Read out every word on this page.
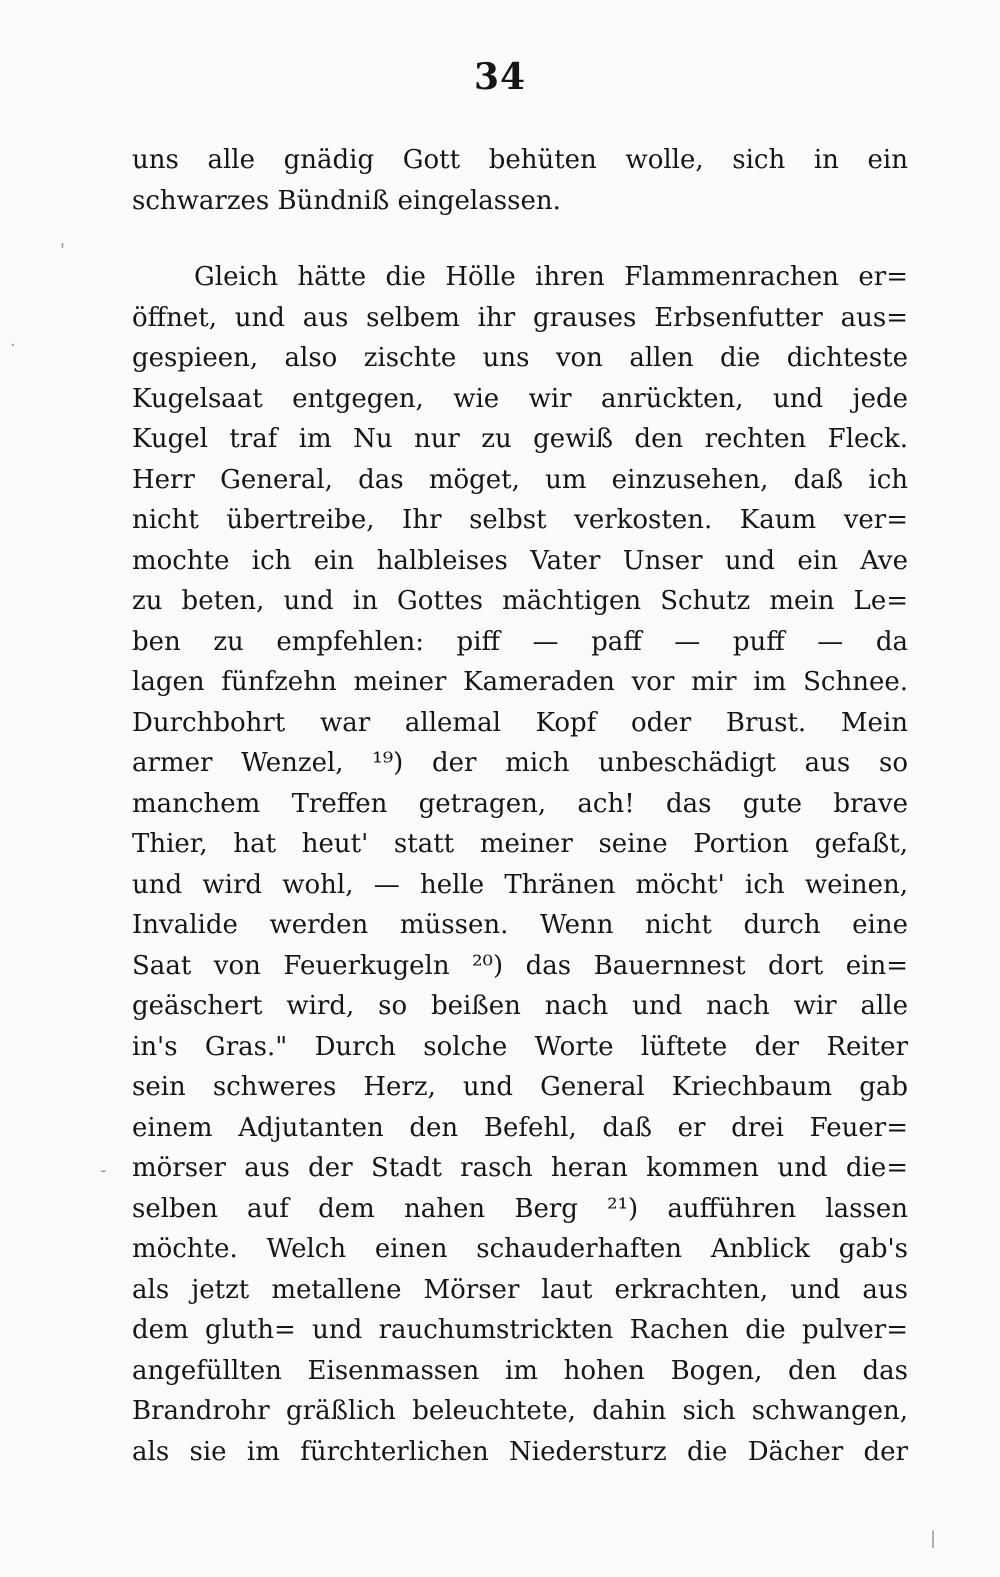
34
uns alle gnädig Gott behüten wolle, sich in ein
schwarzes Bündniß eingelassen.
Gleich hätte die Hölle ihren Flammenrachen er=
öffnet, und aus selbem ihr grauses Erbsenfutter aus=
gespieen, also zischte uns von allen die dichteste
Kugelsaat entgegen, wie wir anrückten, und jede
Kugel traf im Nu nur zu gewiß den rechten Fleck.
Herr General, das möget, um einzusehen, daß ich
nicht übertreibe, Ihr selbst verkosten. Kaum ver=
mochte ich ein halbleises Vater Unser und ein Ave
zu beten, und in Gottes mächtigen Schutz mein Le=
ben zu empfehlen: piff — paff — puff — da
lagen fünfzehn meiner Kameraden vor mir im Schnee.
Durchbohrt war allemal Kopf oder Brust. Mein
armer Wenzel, ¹⁹) der mich unbeschädigt aus so
manchem Treffen getragen, ach! das gute brave
Thier, hat heut' statt meiner seine Portion gefaßt,
und wird wohl, — helle Thränen möcht' ich weinen,
Invalide werden müssen. Wenn nicht durch eine
Saat von Feuerkugeln ²⁰) das Bauernnest dort ein=
geäschert wird, so beißen nach und nach wir alle
in's Gras." Durch solche Worte lüftete der Reiter
sein schweres Herz, und General Kriechbaum gab
einem Adjutanten den Befehl, daß er drei Feuer=
mörser aus der Stadt rasch heran kommen und die=
selben auf dem nahen Berg ²¹) aufführen lassen
möchte. Welch einen schauderhaften Anblick gab's
als jetzt metallene Mörser laut erkrachten, und aus
dem gluth= und rauchumstrickten Rachen die pulver=
angefüllten Eisenmassen im hohen Bogen, den das
Brandrohr gräßlich beleuchtete, dahin sich schwangen,
als sie im fürchterlichen Niedersturz die Dächer der
'
.
-
|
